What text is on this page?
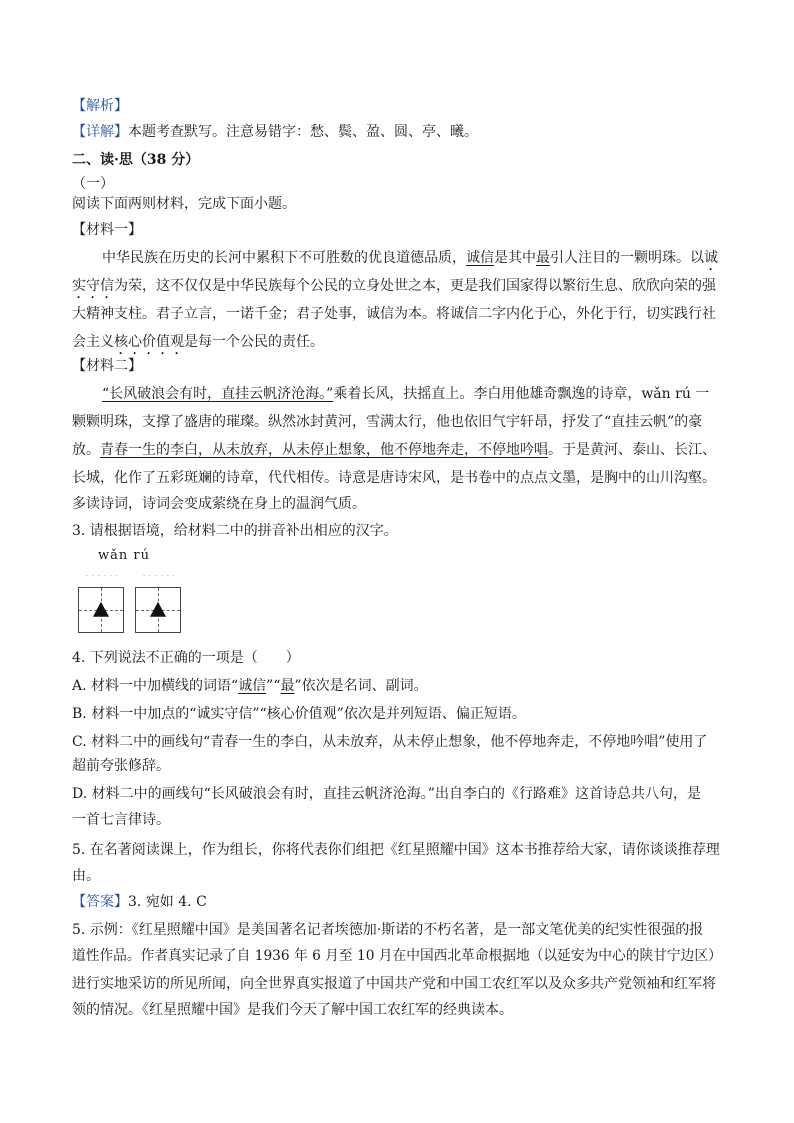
【解析】
【详解】本题考查默写。注意易错字：愁、鬓、盈、圆、亭、曦。
二、读·思（38 分）
（一）
阅读下面两则材料，完成下面小题。
【材料一】
中华民族在历史的长河中累积下不可胜数的优良道德品质，诚信是其中最引人注目的一颗明珠。以诚
实守信为荣，这不仅仅是中华民族每个公民的立身处世之本，更是我们国家得以繁衍生息、欣欣向荣的强
大精神支柱。君子立言，一诺千金；君子处事，诚信为本。将诚信二字内化于心，外化于行，切实践行社
会主义核心价值观是每一个公民的责任。
【材料二】
“长风破浪会有时，直挂云帆济沧海。”乘着长风，扶摇直上。李白用他雄奇飘逸的诗章，wǎn rú 一
颗颗明珠，支撑了盛唐的璀璨。纵然冰封黄河，雪满太行，他也依旧气宇轩昂，抒发了“直挂云帆”的豪
放。青春一生的李白，从未放弃，从未停止想象，他不停地奔走，不停地吟唱。于是黄河、泰山、长江、
长城，化作了五彩斑斓的诗章，代代相传。诗意是唐诗宋风，是书卷中的点点文墨，是胸中的山川沟壑。
多读诗词，诗词会变成萦绕在身上的温润气质。
3. 请根据语境，给材料二中的拼音补出相应的汉字。
wǎn rú
- - - - - -	- - - - - -
4. 下列说法不正确的一项是（　　）
A. 材料一中加横线的词语“诚信”“最”依次是名词、副词。
B. 材料一中加点的“诚实守信”“核心价值观”依次是并列短语、偏正短语。
C. 材料二中的画线句“青春一生的李白，从未放弃，从未停止想象，他不停地奔走，不停地吟唱”使用了
超前夸张修辞。
D. 材料二中的画线句“长风破浪会有时，直挂云帆济沧海。”出自李白的《行路难》这首诗总共八句，是
一首七言律诗。
5. 在名著阅读课上，作为组长，你将代表你们组把《红星照耀中国》这本书推荐给大家，请你谈谈推荐理
由。
【答案】3. 宛如 4. C
5. 示例：《红星照耀中国》是美国著名记者埃德加·斯诺的不朽名著，是一部文笔优美的纪实性很强的报
道性作品。作者真实记录了自 1936 年 6 月至 10 月在中国西北革命根据地（以延安为中心的陕甘宁边区）
进行实地采访的所见所闻，向全世界真实报道了中国共产党和中国工农红军以及众多共产党领袖和红军将
领的情况。《红星照耀中国》是我们今天了解中国工农红军的经典读本。
